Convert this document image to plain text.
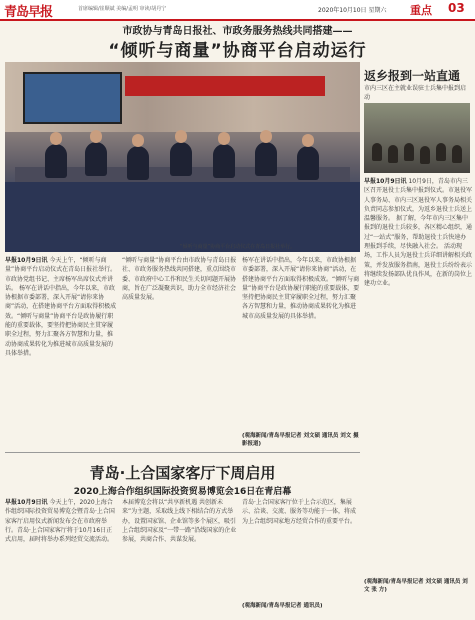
青岛早报	首席编辑/崔顺斌 美编/孟明 审读/胡丹宁	2020年10月10日 星期六 重点 03
市政协与青岛日报社、市政务服务热线共同搭建——
“倾听与商量”协商平台启动运行
“倾听与商量”协商平台启动仪式在青岛日报社举行。
返乡报到一站直通
市内三区在主就业误驻士兵集中报到启动
早报10月9日讯 10月9日，青岛市内三区召开退役士兵集中报到仪式。市退役军人事务局、市内三区退役军人事务局相关负责同志参加仪式，为返乡退役士兵送上温馨服务。 据了解，今年市内三区集中报到的退役士兵较多，各区精心组织，通过“一站式”服务，帮助退役士兵快速办理报到手续，尽快融入社会。 活动现场，工作人员为退役士兵详细讲解相关政策，并发放服务指南，退役士兵纷纷表示将继续发扬部队优良作风，在新的岗位上建功立业。
(观海新闻/青岛早报记者 刘文硕 通讯员 刘文 张 方)
早报10月9日讯 今天上午，“倾听与商量”协商平台启动仪式在青岛日报社举行。市政协党组书记、主席杨军出席仪式并讲话。 杨军在讲话中指出，今年以来，市政协根据市委部署，深入开展“请你来协商”活动，在搭建协商平台方面取得积极成效。“倾听与商量”协商平台是政协履行职能的重要载体，要坚持把协商民主贯穿履职全过程，努力汇聚各方智慧和力量，推动协商成果转化为推进城市高质量发展的具体举措。
“倾听与商量”协商平台由市政协与青岛日报社、市政务服务热线共同搭建，重点围绕市委、市政府中心工作和民生关切问题开展协商，旨在广泛凝聚共识，助力全市经济社会高质量发展。
杨军在讲话中指出，今年以来，市政协根据市委部署，深入开展“请你来协商”活动，在搭建协商平台方面取得积极成效。“倾听与商量”协商平台是政协履行职能的重要载体，要坚持把协商民主贯穿履职全过程，努力汇聚各方智慧和力量，推动协商成果转化为推进城市高质量发展的具体举措。
(观海新闻/青岛早报记者 刘文硕 通讯员 刘文 摄影报道)
青岛·上合国家客厅下周启用
2020上海合作组织国际投资贸易博览会16日在青启幕
早报10月9日讯 今天上午，2020上海合作组织国际投资贸易博览会暨青岛·上合国家客厅启用仪式新闻发布会在市政府举行。青岛·上合国家客厅将于10月16日正式启用，届时将举办系列经贸交流活动。
本届博览会将以“共享新机遇 共创新未来”为主题，采取线上线下相结合的方式举办，设置国家馆、企业馆等多个展区，吸引上合组织国家及“一带一路”沿线国家的企业参展，共商合作、共谋发展。
青岛·上合国家客厅位于上合示范区，集展示、洽谈、交流、服务等功能于一体，将成为上合组织国家地方经贸合作的重要平台。
(观海新闻/青岛早报记者 通讯员)
